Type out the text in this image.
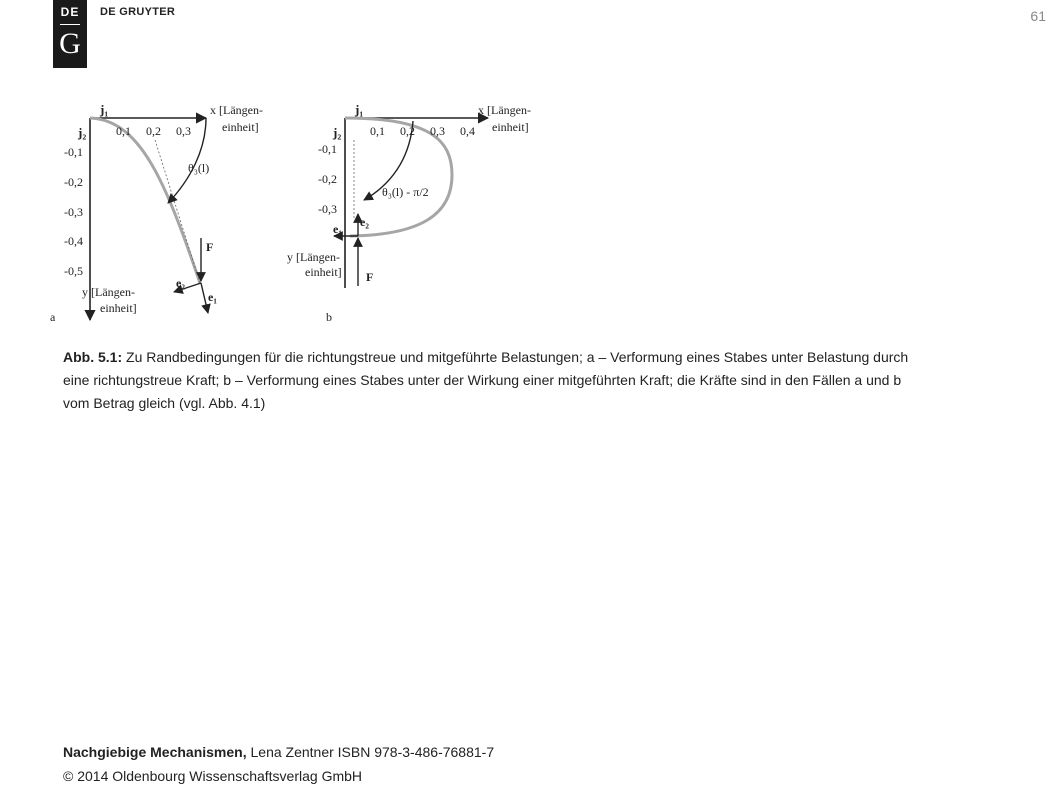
DE
G
DE GRUYTER	61
j₁
j₂
x [Längen-
einheit]
0,1 0,2 0,3
-0,1
-0,2
-0,3
-0,4
-0,5
θ₃(l)
F
e₂
e₁
y [Längen-
einheit]
a
j₁
j₂
x [Längen-
einheit]
0,1 0,2 0,3 0,4
-0,1
-0,2
-0,3
θ₃(l) - π/2
e₂
e₁
F
y [Längen-
einheit]
b
Abb. 5.1: Zu Randbedingungen für die richtungstreue und mitgeführte Belastungen; a – Verformung eines Stabes unter Belastung durch eine richtungstreue Kraft; b – Verformung eines Stabes unter der Wirkung einer mitgeführten Kraft; die Kräfte sind in den Fällen a und b vom Betrag gleich (vgl. Abb. 4.1)
Nachgiebige Mechanismen, Lena Zentner ISBN 978-3-486-76881-7
© 2014 Oldenbourg Wissenschaftsverlag GmbH
